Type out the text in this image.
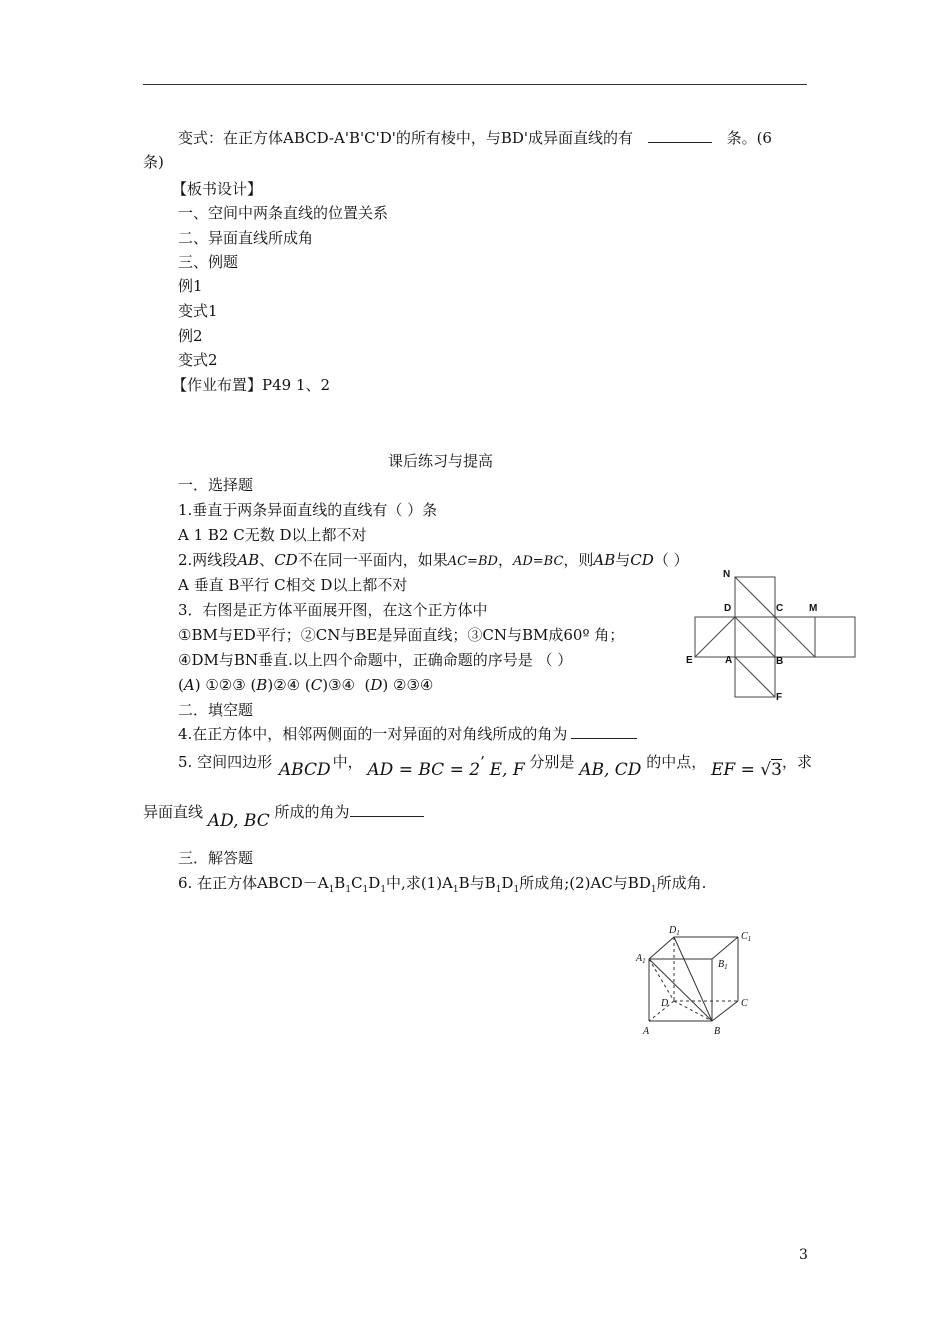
变式：在正方体ABCD-A'B'C'D'的所有棱中，与BD'成异面直线的有	条。(6
条)
【板书设计】
一、空间中两条直线的位置关系
二、异面直线所成角
三、例题
例1
变式1
例2
变式2
【作业布置】P49 1、2
课后练习与提高
一．选择题
1.垂直于两条异面直线的直线有（ ）条
A 1 B2 C无数 D以上都不对
2.两线段AB、CD不在同一平面内，如果AC=BD，AD=BC，则AB与CD（ ）
A 垂直 B平行 C相交 D以上都不对
3．右图是正方体平面展开图，在这个正方体中
①BM与ED平行；②CN与BE是异面直线；③CN与BM成60º 角；
④DM与BN垂直.以上四个命题中，正确命题的序号是 （ ）
(A) ①②③ (B)②④ (C)③④  (D) ②③④
二．填空题
4.在正方体中，相邻两侧面的一对异面的对角线所成的角为
5. 空间四边形 ABCD 中， AD = BC = 2’ E, F 分别是 AB, CD 的中点， EF = √3，求
异面直线 AD, BC 所成的角为
三．解答题
6. 在正方体$ABCD-A_1B_1C_1D_1$中,求$(1)A_1B$与$B_1D_1$所成角;(2)AC与$BD_1$所成角.
N
D	C	M
E	A	B
F
$D_1$	$C_1$
$A_1$	$B_1$
D	C
A	B
3
